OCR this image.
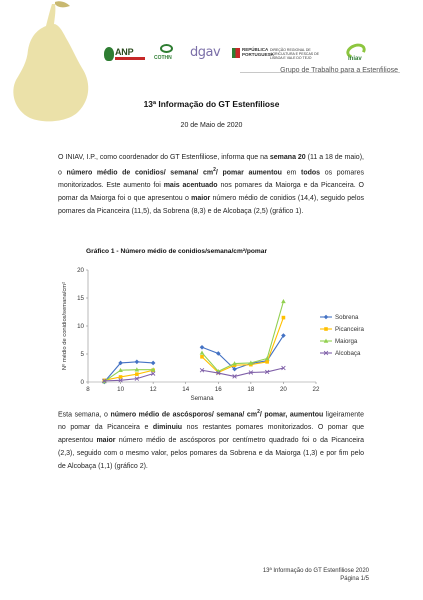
ANP
COTHN dgav	REPÚBLICA PORTUGUESA
DIREÇÃO REGIONAL DE AGRICULTURA E PESCAS DE LISBOA E VALE DO TEJO	iniav
Grupo de Trabalho para a Estenfiliose
13ª Informação do GT Estenfiliose
20 de Maio de 2020
O INIAV, I.P., como coordenador do GT Estenfiliose, informa que na semana 20 (11 a 18 de maio), o número médio de conidios/ semana/ $cm^2/$ pomar aumentou em todos os pomares monitorizados. Este aumento foi mais acentuado nos pomares da Maiorga e da Picanceira. O pomar da Maiorga foi o que apresentou o maior número médio de conidios (14,4), seguido pelos pomares da Picanceira (11,5), da Sobrena (8,3) e de Alcobaça (2,5) (gráfico 1).
Gráfico 1 - Número médio de conidios/semana/cm²/pomar
0
5
10
15
20
8	10	12	14	16	18	20	22
Semana
Nº médio de conidios/semana/cm²	Sobrena
Picanceira
Maiorga
Alcobaça
Esta semana, o número médio de ascósporos/ semana/ $cm^2/$ pomar, aumentou ligeiramente no pomar da Picanceira e diminuiu nos restantes pomares monitorizados. O pomar que apresentou maior número médio de ascósporos por centímetro quadrado foi o da Picanceira (2,3), seguido com o mesmo valor, pelos pomares da Sobrena e da Maiorga (1,3) e por fim pelo de Alcobaça (1,1) (gráfico 2).
13ª Informação do GT Estenfiliose 2020
Página 1/5
